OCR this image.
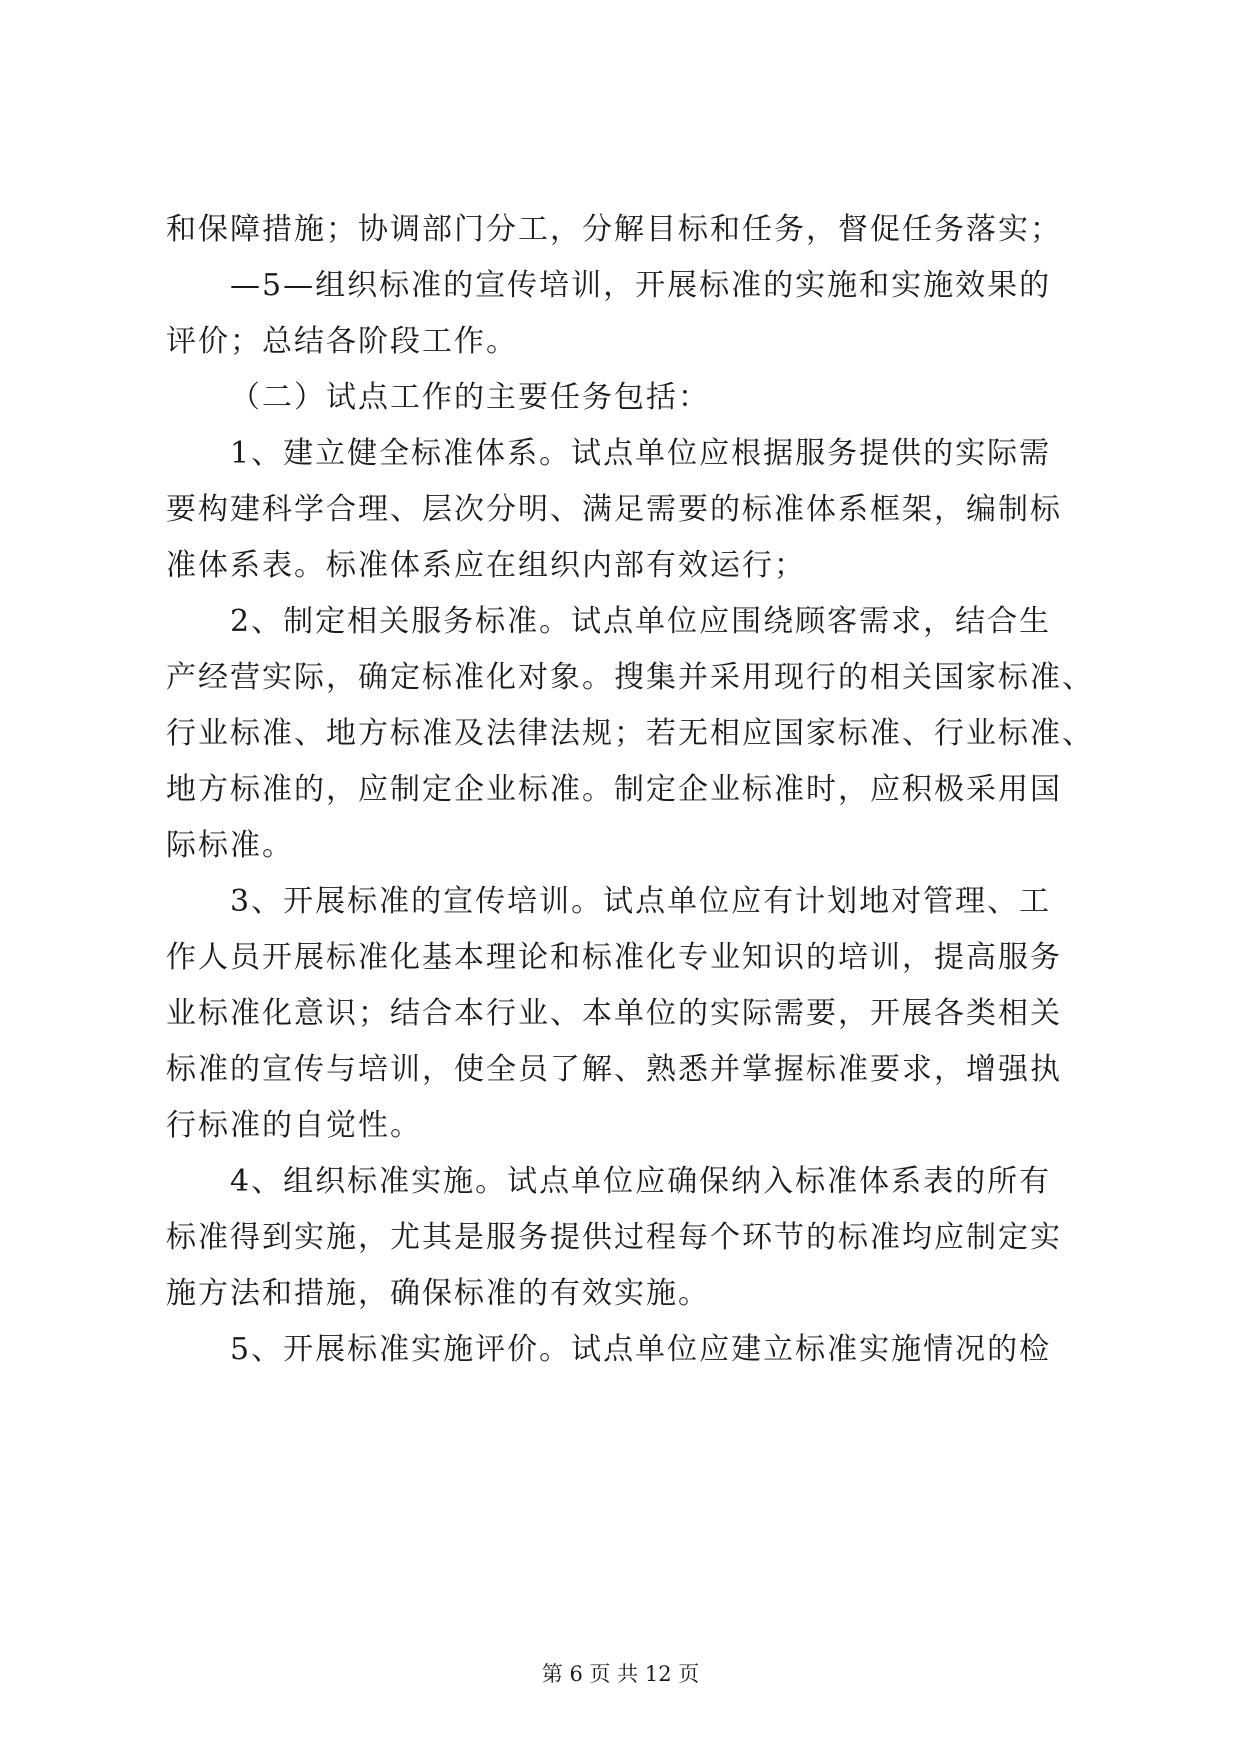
和保障措施；协调部门分工，分解目标和任务，督促任务落实；
—5—组织标准的宣传培训，开展标准的实施和实施效果的
评价；总结各阶段工作。
（二）试点工作的主要任务包括：
1、建立健全标准体系。试点单位应根据服务提供的实际需
要构建科学合理、层次分明、满足需要的标准体系框架，编制标
准体系表。标准体系应在组织内部有效运行；
2、制定相关服务标准。试点单位应围绕顾客需求，结合生
产经营实际，确定标准化对象。搜集并采用现行的相关国家标准、
行业标准、地方标准及法律法规；若无相应国家标准、行业标准、
地方标准的，应制定企业标准。制定企业标准时，应积极采用国
际标准。
3、开展标准的宣传培训。试点单位应有计划地对管理、工
作人员开展标准化基本理论和标准化专业知识的培训，提高服务
业标准化意识；结合本行业、本单位的实际需要，开展各类相关
标准的宣传与培训，使全员了解、熟悉并掌握标准要求，增强执
行标准的自觉性。
4、组织标准实施。试点单位应确保纳入标准体系表的所有
标准得到实施，尤其是服务提供过程每个环节的标准均应制定实
施方法和措施，确保标准的有效实施。
5、开展标准实施评价。试点单位应建立标准实施情况的检
第 6 页 共 12 页
